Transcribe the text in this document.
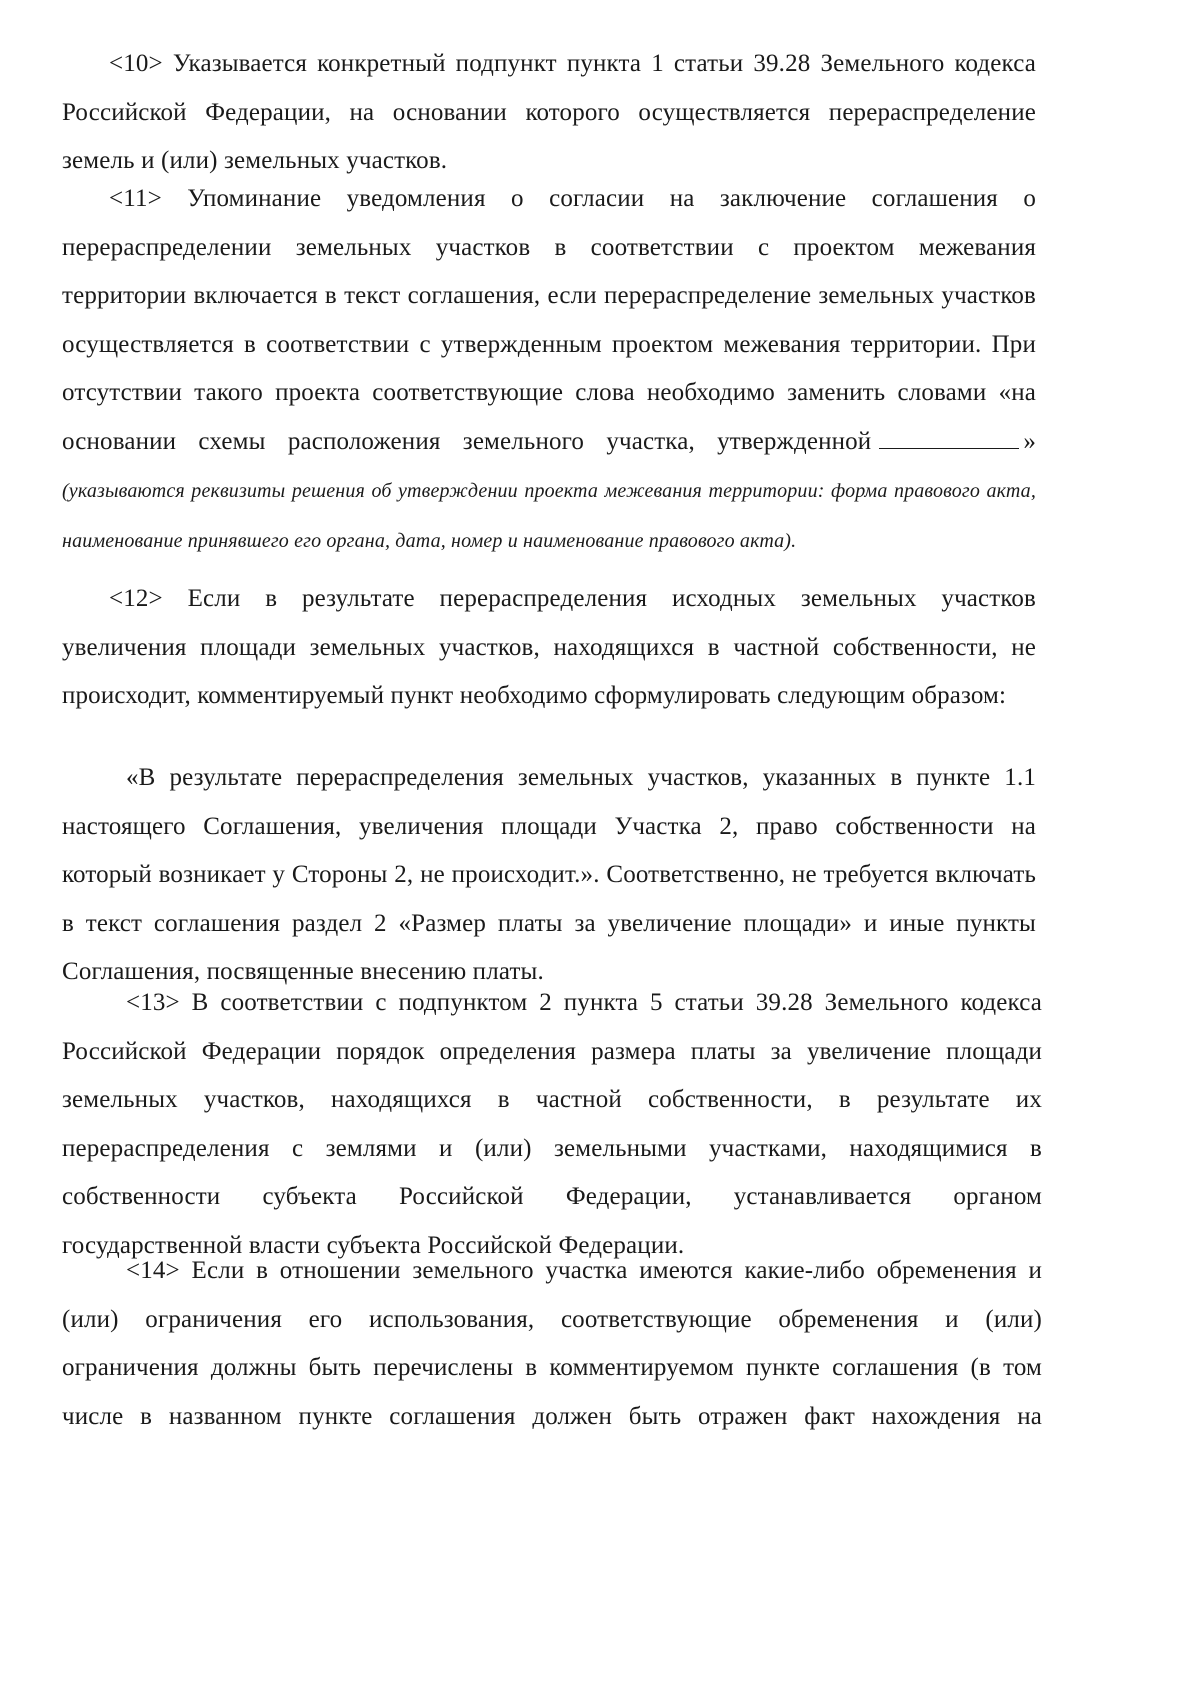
<10> Указывается конкретный подпункт пункта 1 статьи 39.28 Земельного кодекса Российской Федерации, на основании которого осуществляется перераспределение земель и (или) земельных участков.

<11> Упоминание уведомления о согласии на заключение соглашения о перераспределении земельных участков в соответствии с проектом межевания территории включается в текст соглашения, если перераспределение земельных участков осуществляется в соответствии с утвержденным проектом межевания территории. При отсутствии такого проекта соответствующие слова необходимо заменить словами «на основании схемы расположения земельного участка, утвержденной	» (указываются реквизиты решения об утверждении проекта межевания территории: форма правового акта, наименование принявшего его органа, дата, номер и наименование правового акта).

<12> Если в результате перераспределения исходных земельных участков увеличения площади земельных участков, находящихся в частной собственности, не происходит, комментируемый пункт необходимо сформулировать следующим образом:

«В результате перераспределения земельных участков, указанных в пункте 1.1 настоящего Соглашения, увеличения площади Участка 2, право собственности на который возникает у Стороны 2, не происходит.». Соответственно, не требуется включать в текст соглашения раздел 2 «Размер платы за увеличение площади» и иные пункты Соглашения, посвященные внесению платы.

<13> В соответствии с подпунктом 2 пункта 5 статьи 39.28 Земельного кодекса Российской Федерации порядок определения размера платы за увеличение площади земельных участков, находящихся в частной собственности, в результате их перераспределения с землями и (или) земельными участками, находящимися в собственности субъекта Российской Федерации, устанавливается органом государственной власти субъекта Российской Федерации.

<14> Если в отношении земельного участка имеются какие-либо обременения и (или) ограничения его использования, соответствующие обременения и (или) ограничения должны быть перечислены в комментируемом пункте соглашения (в том числе в названном пункте соглашения должен быть отражен факт нахождения на
